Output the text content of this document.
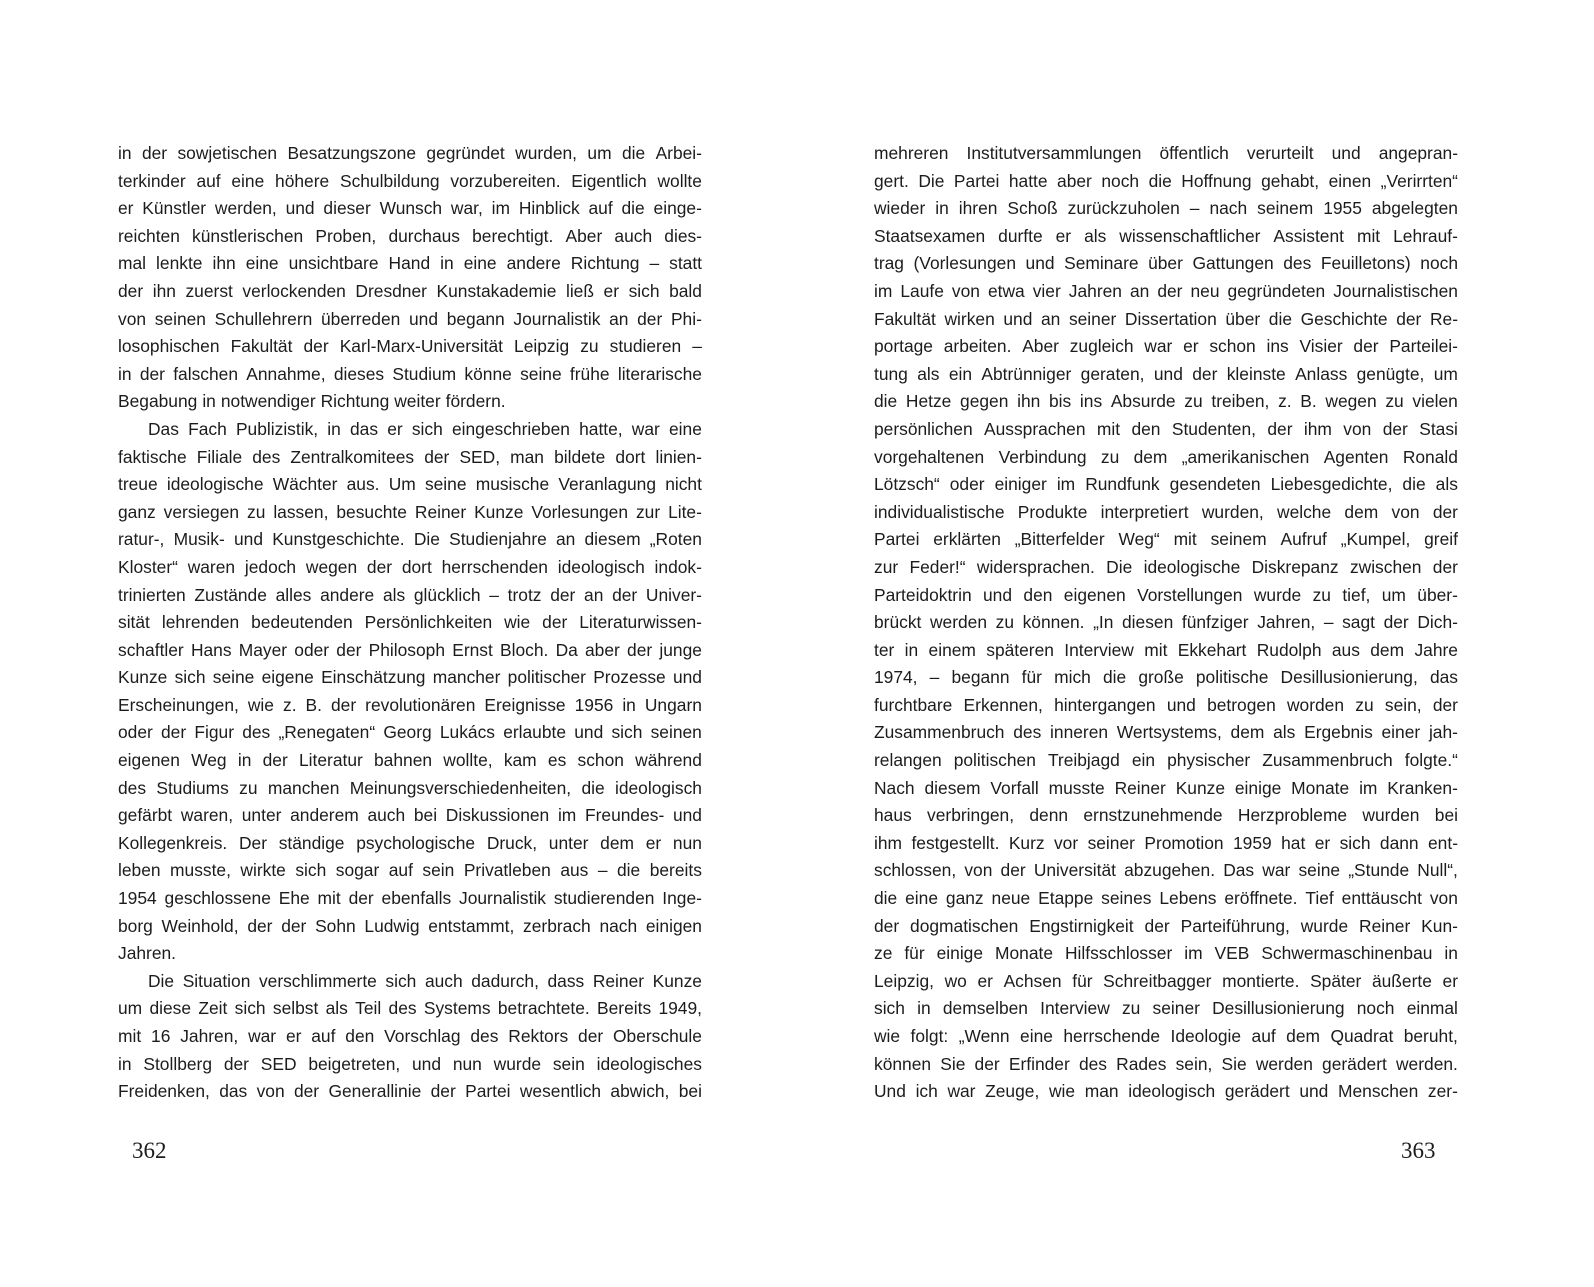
in der sowjetischen Besatzungszone gegründet wurden, um die Arbei-
terkinder auf eine höhere Schulbildung vorzubereiten. Eigentlich wollte
er Künstler werden, und dieser Wunsch war, im Hinblick auf die einge-
reichten künstlerischen Proben, durchaus berechtigt. Aber auch dies-
mal lenkte ihn eine unsichtbare Hand in eine andere Richtung – statt
der ihn zuerst verlockenden Dresdner Kunstakademie ließ er sich bald
von seinen Schullehrern überreden und begann Journalistik an der Phi-
losophischen Fakultät der Karl-Marx-Universität Leipzig zu studieren –
in der falschen Annahme, dieses Studium könne seine frühe literarische
Begabung in notwendiger Richtung weiter fördern.
Das Fach Publizistik, in das er sich eingeschrieben hatte, war eine
faktische Filiale des Zentralkomitees der SED, man bildete dort linien-
treue ideologische Wächter aus. Um seine musische Veranlagung nicht
ganz versiegen zu lassen, besuchte Reiner Kunze Vorlesungen zur Lite-
ratur-, Musik- und Kunstgeschichte. Die Studienjahre an diesem „Roten
Kloster“ waren jedoch wegen der dort herrschenden ideologisch indok-
trinierten Zustände alles andere als glücklich – trotz der an der Univer-
sität lehrenden bedeutenden Persönlichkeiten wie der Literaturwissen-
schaftler Hans Mayer oder der Philosoph Ernst Bloch. Da aber der junge
Kunze sich seine eigene Einschätzung mancher politischer Prozesse und
Erscheinungen, wie z. B. der revolutionären Ereignisse 1956 in Ungarn
oder der Figur des „Renegaten“ Georg Lukács erlaubte und sich seinen
eigenen Weg in der Literatur bahnen wollte, kam es schon während
des Studiums zu manchen Meinungsverschiedenheiten, die ideologisch
gefärbt waren, unter anderem auch bei Diskussionen im Freundes- und
Kollegenkreis. Der ständige psychologische Druck, unter dem er nun
leben musste, wirkte sich sogar auf sein Privatleben aus – die bereits
1954 geschlossene Ehe mit der ebenfalls Journalistik studierenden Inge-
borg Weinhold, der der Sohn Ludwig entstammt, zerbrach nach einigen
Jahren.
Die Situation verschlimmerte sich auch dadurch, dass Reiner Kunze
um diese Zeit sich selbst als Teil des Systems betrachtete. Bereits 1949,
mit 16 Jahren, war er auf den Vorschlag des Rektors der Oberschule
in Stollberg der SED beigetreten, und nun wurde sein ideologisches
Freidenken, das von der Generallinie der Partei wesentlich abwich, bei
362
mehreren Institutversammlungen öffentlich verurteilt und angepran-
gert. Die Partei hatte aber noch die Hoffnung gehabt, einen „Verirrten“
wieder in ihren Schoß zurückzuholen – nach seinem 1955 abgelegten
Staatsexamen durfte er als wissenschaftlicher Assistent mit Lehrauf-
trag (Vorlesungen und Seminare über Gattungen des Feuilletons) noch
im Laufe von etwa vier Jahren an der neu gegründeten Journalistischen
Fakultät wirken und an seiner Dissertation über die Geschichte der Re-
portage arbeiten. Aber zugleich war er schon ins Visier der Parteilei-
tung als ein Abtrünniger geraten, und der kleinste Anlass genügte, um
die Hetze gegen ihn bis ins Absurde zu treiben, z. B. wegen zu vielen
persönlichen Aussprachen mit den Studenten, der ihm von der Stasi
vorgehaltenen Verbindung zu dem „amerikanischen Agenten Ronald
Lötzsch“ oder einiger im Rundfunk gesendeten Liebesgedichte, die als
individualistische Produkte interpretiert wurden, welche dem von der
Partei erklärten „Bitterfelder Weg“ mit seinem Aufruf „Kumpel, greif
zur Feder!“ widersprachen. Die ideologische Diskrepanz zwischen der
Parteidoktrin und den eigenen Vorstellungen wurde zu tief, um über-
brückt werden zu können. „In diesen fünfziger Jahren, – sagt der Dich-
ter in einem späteren Interview mit Ekkehart Rudolph aus dem Jahre
1974, – begann für mich die große politische Desillusionierung, das
furchtbare Erkennen, hintergangen und betrogen worden zu sein, der
Zusammenbruch des inneren Wertsystems, dem als Ergebnis einer jah-
relangen politischen Treibjagd ein physischer Zusammenbruch folgte.“
Nach diesem Vorfall musste Reiner Kunze einige Monate im Kranken-
haus verbringen, denn ernstzunehmende Herzprobleme wurden bei
ihm festgestellt. Kurz vor seiner Promotion 1959 hat er sich dann ent-
schlossen, von der Universität abzugehen. Das war seine „Stunde Null“,
die eine ganz neue Etappe seines Lebens eröffnete. Tief enttäuscht von
der dogmatischen Engstirnigkeit der Parteiführung, wurde Reiner Kun-
ze für einige Monate Hilfsschlosser im VEB Schwermaschinenbau in
Leipzig, wo er Achsen für Schreitbagger montierte. Später äußerte er
sich in demselben Interview zu seiner Desillusionierung noch einmal
wie folgt: „Wenn eine herrschende Ideologie auf dem Quadrat beruht,
können Sie der Erfinder des Rades sein, Sie werden gerädert werden.
Und ich war Zeuge, wie man ideologisch gerädert und Menschen zer-
363
